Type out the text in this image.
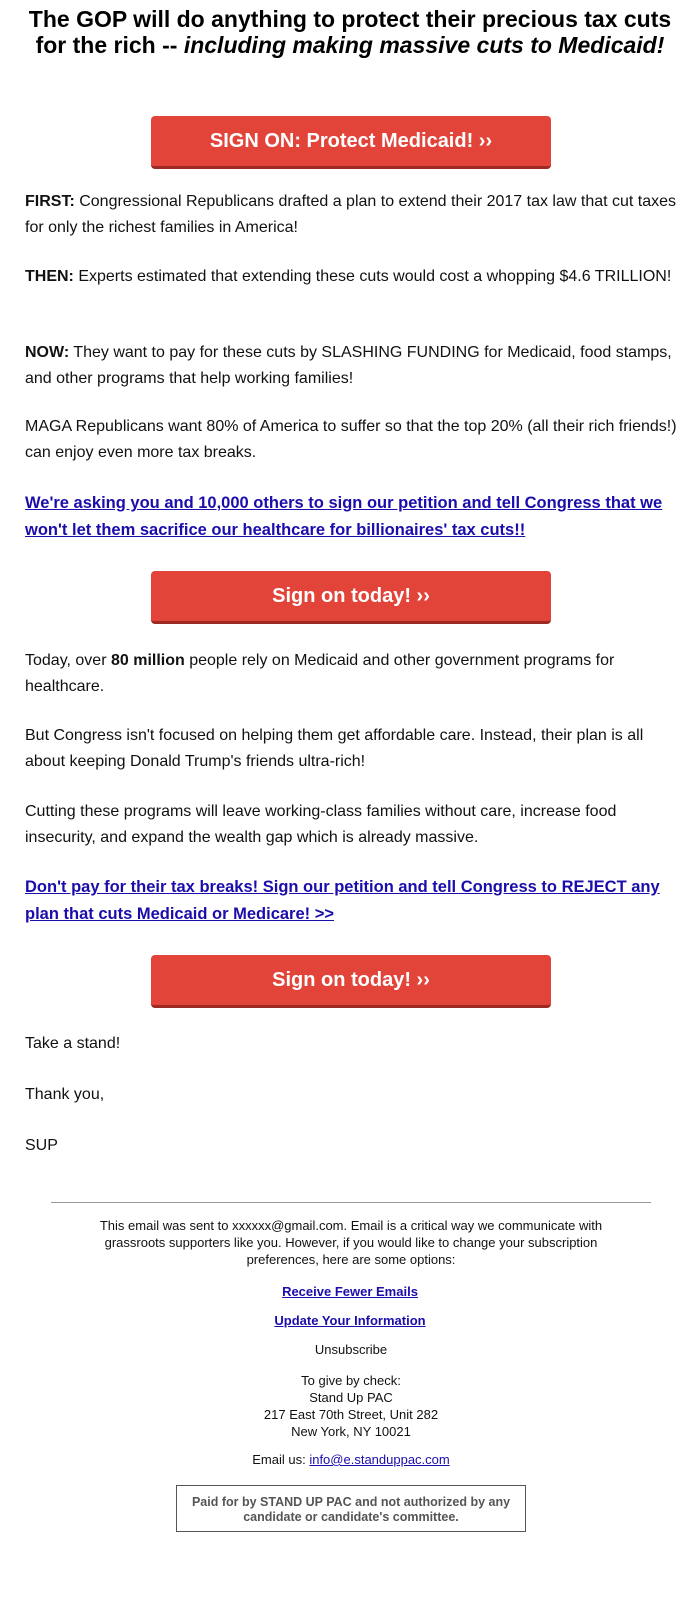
The GOP will do anything to protect their precious tax cuts for the rich -- including making massive cuts to Medicaid!
SIGN ON: Protect Medicaid! ››
FIRST: Congressional Republicans drafted a plan to extend their 2017 tax law that cut taxes for only the richest families in America!
THEN: Experts estimated that extending these cuts would cost a whopping $4.6 TRILLION!
NOW: They want to pay for these cuts by SLASHING FUNDING for Medicaid, food stamps, and other programs that help working families!
MAGA Republicans want 80% of America to suffer so that the top 20% (all their rich friends!) can enjoy even more tax breaks.
We're asking you and 10,000 others to sign our petition and tell Congress that we won't let them sacrifice our healthcare for billionaires' tax cuts!!
Sign on today! ››
Today, over 80 million people rely on Medicaid and other government programs for healthcare.
But Congress isn't focused on helping them get affordable care. Instead, their plan is all about keeping Donald Trump's friends ultra-rich!
Cutting these programs will leave working-class families without care, increase food insecurity, and expand the wealth gap which is already massive.
Don't pay for their tax breaks! Sign our petition and tell Congress to REJECT any plan that cuts Medicaid or Medicare! >>
Sign on today! ››
Take a stand!
Thank you,
SUP
This email was sent to xxxxxx@gmail.com. Email is a critical way we communicate with grassroots supporters like you. However, if you would like to change your subscription preferences, here are some options:
Receive Fewer Emails
Update Your Information
Unsubscribe
To give by check:
Stand Up PAC
217 East 70th Street, Unit 282
New York, NY 10021
Email us: info@e.standuppac.com
Paid for by STAND UP PAC and not authorized by any candidate or candidate's committee.
